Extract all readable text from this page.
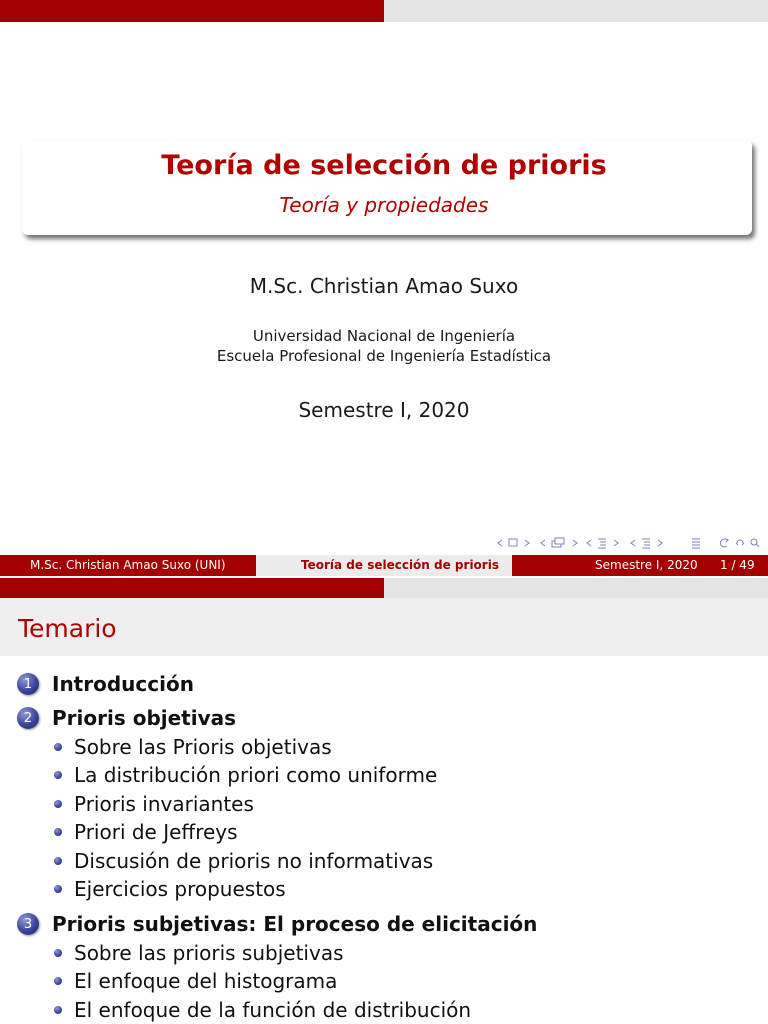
Teoría de selección de prioris
Teoría y propiedades
M.Sc. Christian Amao Suxo
Universidad Nacional de Ingeniería
Escuela Profesional de Ingeniería Estadística
Semestre I, 2020
M.Sc. Christian Amao Suxo (UNI)	Teoría de selección de prioris	Semestre I, 2020 1 / 49
Temario
1 Introducción
2 Prioris objetivas
Sobre las Prioris objetivas
La distribución priori como uniforme
Prioris invariantes
Priori de Jeffreys
Discusión de prioris no informativas
Ejercicios propuestos
3 Prioris subjetivas: El proceso de elicitación
Sobre las prioris subjetivas
El enfoque del histograma
El enfoque de la función de distribución
